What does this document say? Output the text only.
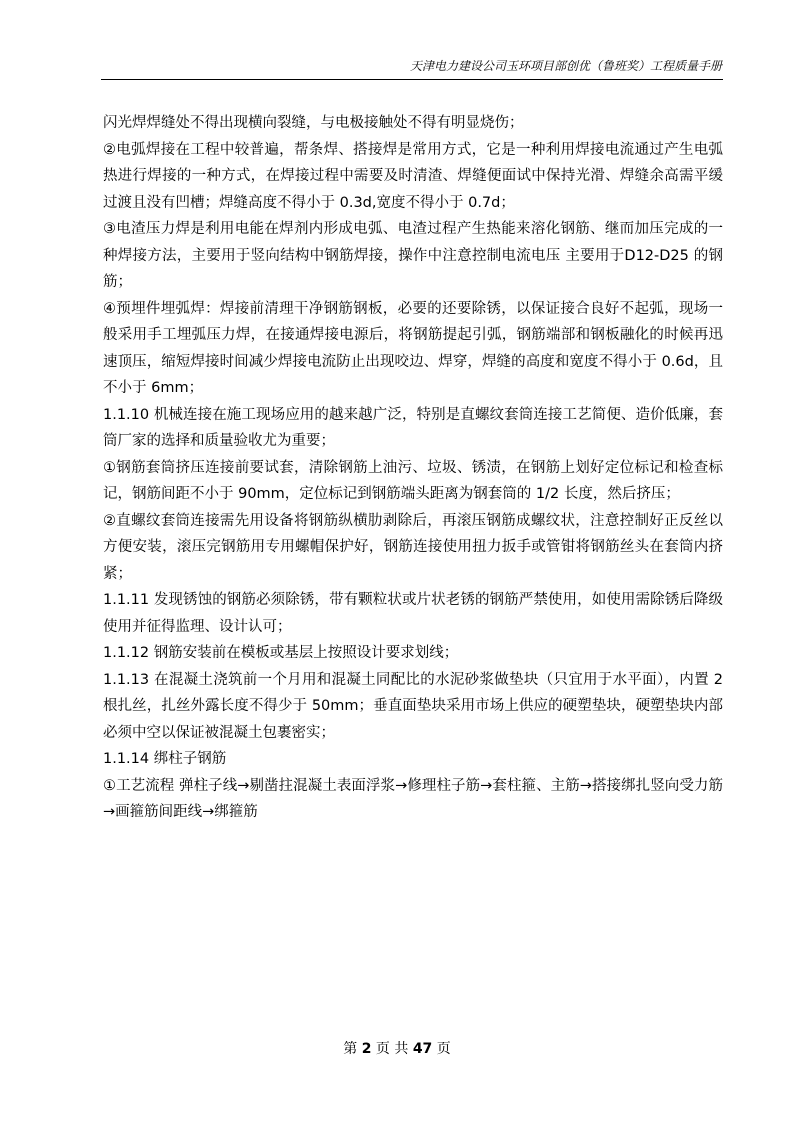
天津电力建设公司玉环项目部创优（鲁班奖）工程质量手册

闪光焊焊缝处不得出现横向裂缝，与电极接触处不得有明显烧伤；

②电弧焊接在工程中较普遍，帮条焊、搭接焊是常用方式，它是一种利用焊接电流通过产生电弧热进行焊接的一种方式，在焊接过程中需要及时清渣、焊缝便面试中保持光滑、焊缝余高需平缓过渡且没有凹槽；焊缝高度不得小于 0.3d,宽度不得小于 0.7d；

③电渣压力焊是利用电能在焊剂内形成电弧、电渣过程产生热能来溶化钢筋、继而加压完成的一种焊接方法，主要用于竖向结构中钢筋焊接，操作中注意控制电流电压 主要用于D12-D25 的钢筋；

④预埋件埋弧焊：焊接前清理干净钢筋钢板，必要的还要除锈，以保证接合良好不起弧，现场一般采用手工埋弧压力焊，在接通焊接电源后，将钢筋提起引弧，钢筋端部和钢板融化的时候再迅速顶压，缩短焊接时间减少焊接电流防止出现咬边、焊穿，焊缝的高度和宽度不得小于 0.6d，且不小于 6mm；

1.1.10 机械连接在施工现场应用的越来越广泛，特别是直螺纹套筒连接工艺简便、造价低廉，套筒厂家的选择和质量验收尤为重要；

①钢筋套筒挤压连接前要试套，清除钢筋上油污、垃圾、锈渍，在钢筋上划好定位标记和检查标记，钢筋间距不小于 90mm，定位标记到钢筋端头距离为钢套筒的 1/2 长度，然后挤压；

②直螺纹套筒连接需先用设备将钢筋纵横肋剥除后，再滚压钢筋成螺纹状，注意控制好正反丝以方便安装，滚压完钢筋用专用螺帽保护好，钢筋连接使用扭力扳手或管钳将钢筋丝头在套筒内挤紧；

1.1.11 发现锈蚀的钢筋必须除锈，带有颗粒状或片状老锈的钢筋严禁使用，如使用需除锈后降级使用并征得监理、设计认可；

1.1.12 钢筋安装前在模板或基层上按照设计要求划线；

1.1.13 在混凝土浇筑前一个月用和混凝土同配比的水泥砂浆做垫块（只宜用于水平面），内置 2 根扎丝，扎丝外露长度不得少于 50mm；垂直面垫块采用市场上供应的硬塑垫块，硬塑垫块内部必须中空以保证被混凝土包裹密实；

1.1.14 绑柱子钢筋

①工艺流程 弹柱子线→剔凿拄混凝土表面浮浆→修理柱子筋→套柱箍、主筋→搭接绑扎竖向受力筋→画箍筋间距线→绑箍筋

第 2 页 共 47 页
